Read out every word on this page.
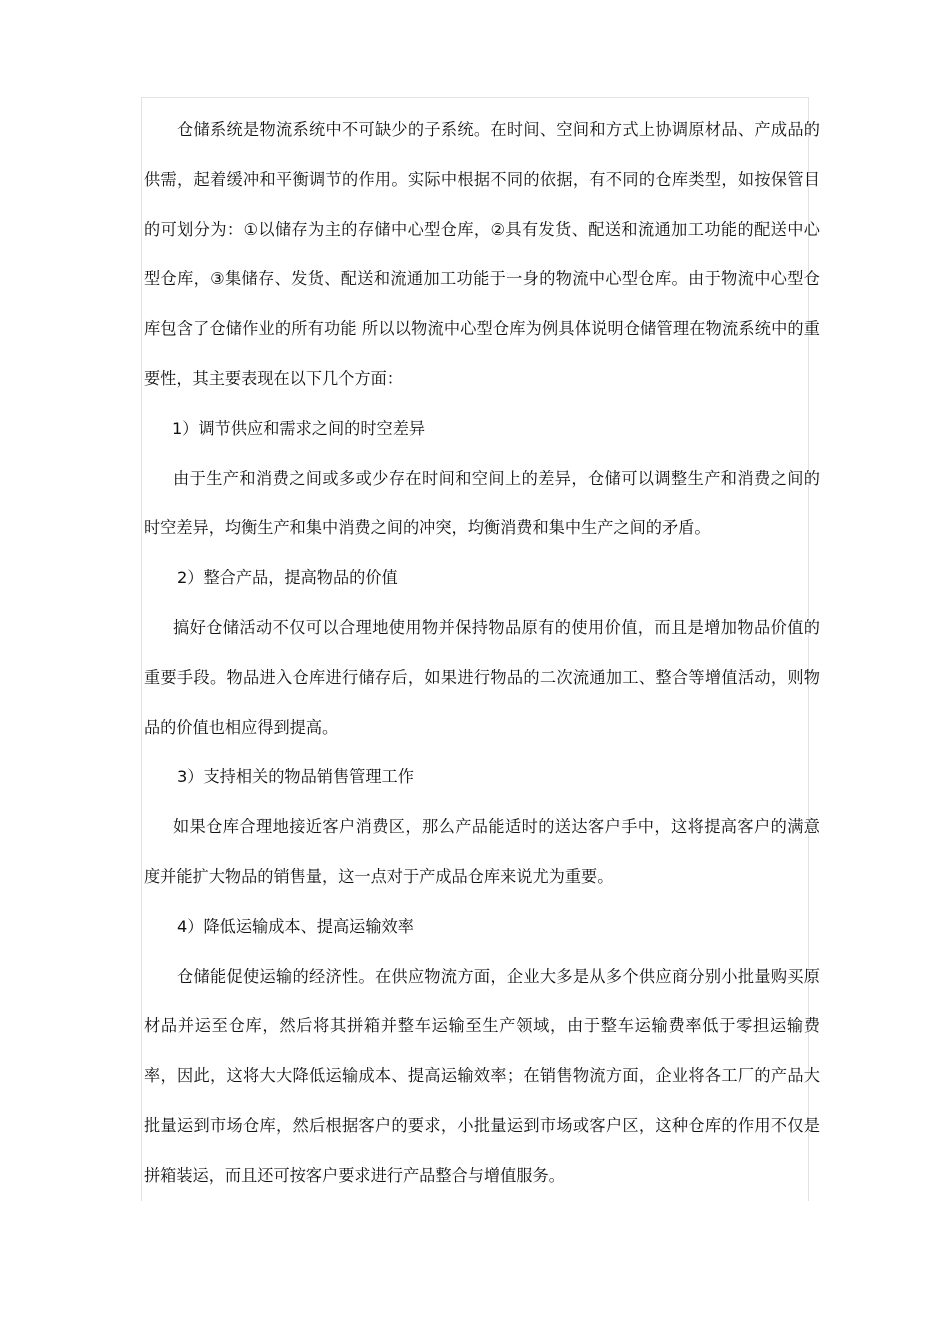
仓储系统是物流系统中不可缺少的子系统。在时间、空间和方式上协调原材品、产成品的供需，起着缓冲和平衡调节的作用。实际中根据不同的依据，有不同的仓库类型，如按保管目的可划分为：①以储存为主的存储中心型仓库，②具有发货、配送和流通加工功能的配送中心型仓库，③集储存、发货、配送和流通加工功能于一身的物流中心型仓库。由于物流中心型仓库包含了仓储作业的所有功能 所以以物流中心型仓库为例具体说明仓储管理在物流系统中的重要性，其主要表现在以下几个方面：

1）调节供应和需求之间的时空差异

由于生产和消费之间或多或少存在时间和空间上的差异，仓储可以调整生产和消费之间的时空差异，均衡生产和集中消费之间的冲突，均衡消费和集中生产之间的矛盾。

2）整合产品，提高物品的价值

搞好仓储活动不仅可以合理地使用物并保持物品原有的使用价值，而且是增加物品价值的重要手段。物品进入仓库进行储存后，如果进行物品的二次流通加工、整合等增值活动，则物品的价值也相应得到提高。

3）支持相关的物品销售管理工作

如果仓库合理地接近客户消费区，那么产品能适时的送达客户手中，这将提高客户的满意度并能扩大物品的销售量，这一点对于产成品仓库来说尤为重要。

4）降低运输成本、提高运输效率

仓储能促使运输的经济性。在供应物流方面，企业大多是从多个供应商分别小批量购买原材品并运至仓库，然后将其拼箱并整车运输至生产领域，由于整车运输费率低于零担运输费率，因此，这将大大降低运输成本、提高运输效率；在销售物流方面，企业将各工厂的产品大批量运到市场仓库，然后根据客户的要求，小批量运到市场或客户区，这种仓库的作用不仅是拼箱装运，而且还可按客户要求进行产品整合与增值服务。
